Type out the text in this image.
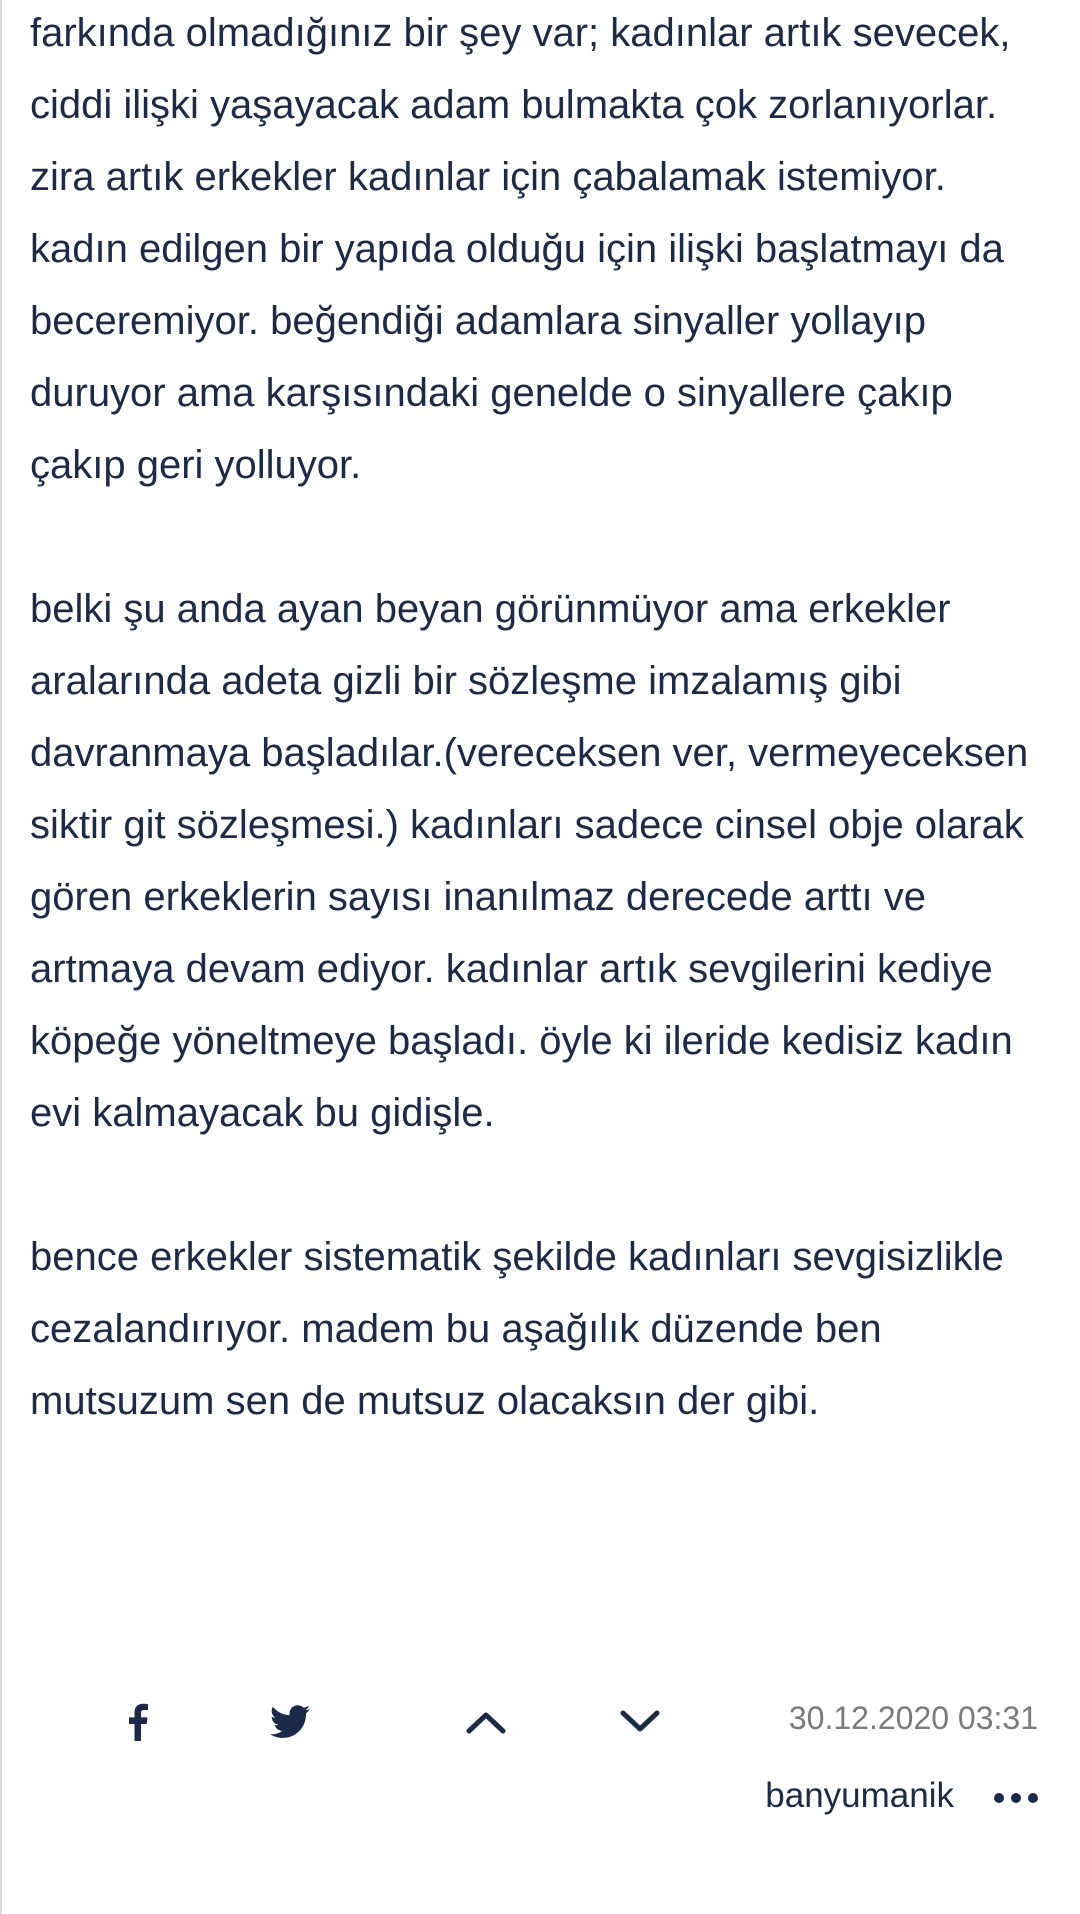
farkında olmadığınız bir şey var; kadınlar artık sevecek, ciddi ilişki yaşayacak adam bulmakta çok zorlanıyorlar. zira artık erkekler kadınlar için çabalamak istemiyor. kadın edilgen bir yapıda olduğu için ilişki başlatmayı da beceremiyor. beğendiği adamlara sinyaller yollayıp duruyor ama karşısındaki genelde o sinyallere çakıp çakıp geri yolluyor.

belki şu anda ayan beyan görünmüyor ama erkekler aralarında adeta gizli bir sözleşme imzalamış gibi davranmaya başladılar.(vereceksen ver, vermeyeceksen siktir git sözleşmesi.) kadınları sadece cinsel obje olarak gören erkeklerin sayısı inanılmaz derecede arttı ve artmaya devam ediyor. kadınlar artık sevgilerini kediye köpeğe yöneltmeye başladı. öyle ki ileride kedisiz kadın evi kalmayacak bu gidişle.

bence erkekler sistematik şekilde kadınları sevgisizlikle cezalandırıyor. madem bu aşağılık düzende ben mutsuzum sen de mutsuz olacaksın der gibi.

30.12.2020 03:31
banyumanik
